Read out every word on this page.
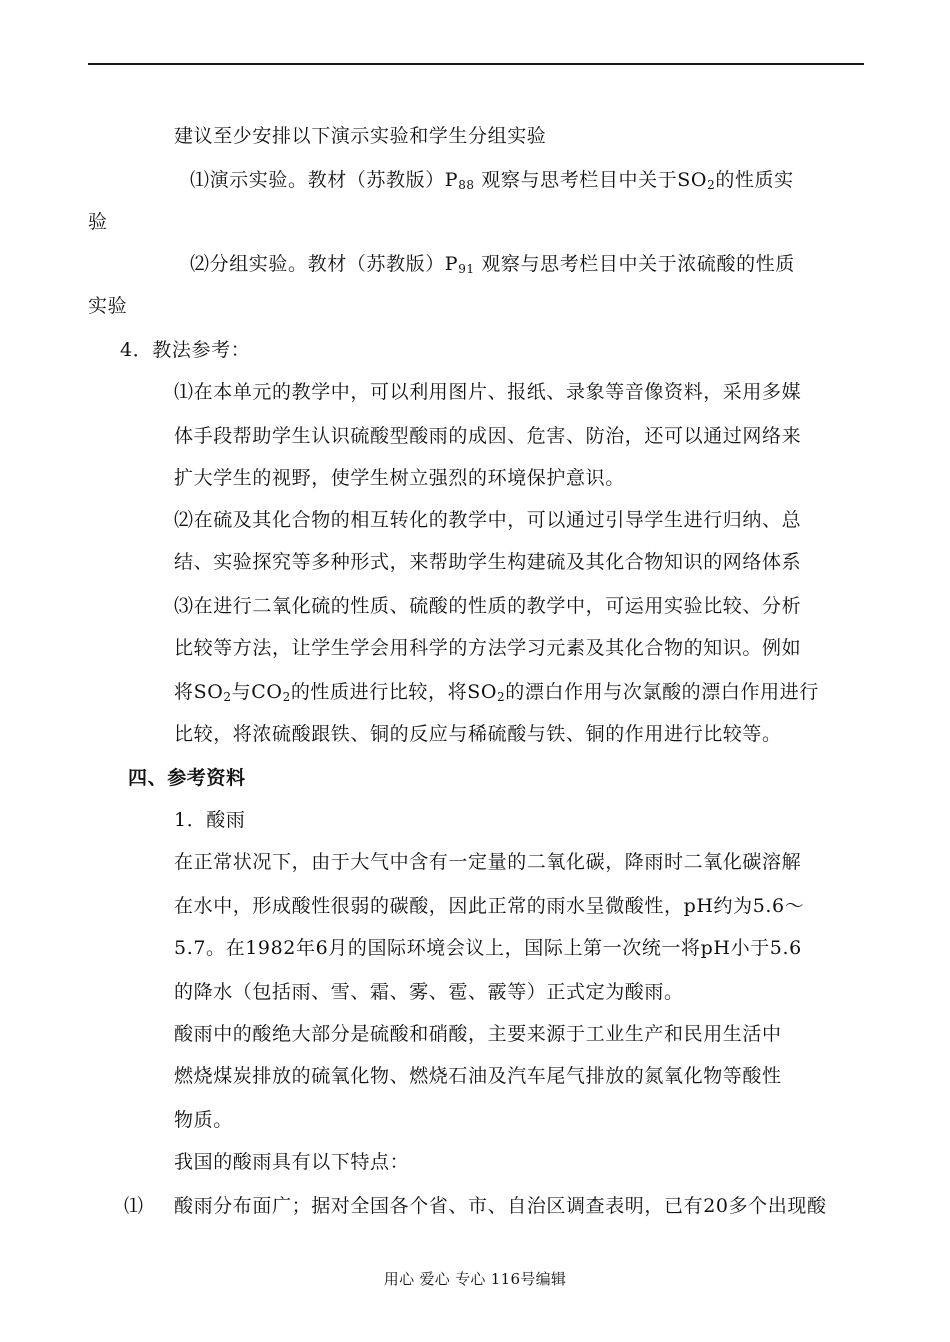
建议至少安排以下演示实验和学生分组实验
⑴演示实验。教材（苏教版）$P_{88}$ 观察与思考栏目中关于$SO_2$的性质实
验
⑵分组实验。教材（苏教版）$P_{91}$ 观察与思考栏目中关于浓硫酸的性质
实验
4．教法参考：
⑴在本单元的教学中，可以利用图片、报纸、录象等音像资料，采用多媒
体手段帮助学生认识硫酸型酸雨的成因、危害、防治，还可以通过网络来
扩大学生的视野，使学生树立强烈的环境保护意识。
⑵在硫及其化合物的相互转化的教学中，可以通过引导学生进行归纳、总
结、实验探究等多种形式，来帮助学生构建硫及其化合物知识的网络体系
⑶在进行二氧化硫的性质、硫酸的性质的教学中，可运用实验比较、分析
比较等方法，让学生学会用科学的方法学习元素及其化合物的知识。例如
将$SO_2$与$CO_2$的性质进行比较，将$SO_2$的漂白作用与次氯酸的漂白作用进行
比较，将浓硫酸跟铁、铜的反应与稀硫酸与铁、铜的作用进行比较等。
四、参考资料
1．酸雨
在正常状况下，由于大气中含有一定量的二氧化碳，降雨时二氧化碳溶解
在水中，形成酸性很弱的碳酸，因此正常的雨水呈微酸性，pH约为5.6～
5.7。在1982年6月的国际环境会议上，国际上第一次统一将pH小于5.6
的降水（包括雨、雪、霜、雾、雹、霰等）正式定为酸雨。
酸雨中的酸绝大部分是硫酸和硝酸，主要来源于工业生产和民用生活中
燃烧煤炭排放的硫氧化物、燃烧石油及汽车尾气排放的氮氧化物等酸性
物质。
我国的酸雨具有以下特点：
⑴ 酸雨分布面广；据对全国各个省、市、自治区调查表明，已有20多个出现酸
用心 爱心 专心 116号编辑
